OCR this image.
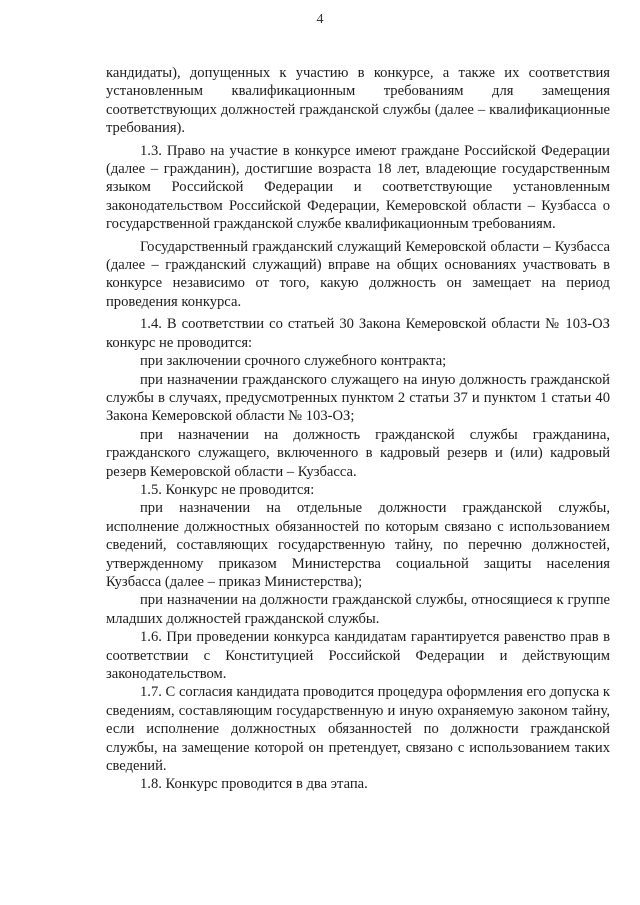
4

кандидаты), допущенных к участию в конкурсе, а также их соответствия установленным квалификационным требованиям для замещения соответствующих должностей гражданской службы (далее – квалификационные требования).

1.3. Право на участие в конкурсе имеют граждане Российской Федерации (далее – гражданин), достигшие возраста 18 лет, владеющие государственным языком Российской Федерации и соответствующие установленным законодательством Российской Федерации, Кемеровской области – Кузбасса о государственной гражданской службе квалификационным требованиям.

Государственный гражданский служащий Кемеровской области – Кузбасса (далее – гражданский служащий) вправе на общих основаниях участвовать в конкурсе независимо от того, какую должность он замещает на период проведения конкурса.

1.4. В соответствии со статьей 30 Закона Кемеровской области № 103-ОЗ конкурс не проводится:

при заключении срочного служебного контракта;

при назначении гражданского служащего на иную должность гражданской службы в случаях, предусмотренных пунктом 2 статьи 37 и пунктом 1 статьи 40 Закона Кемеровской области № 103-ОЗ;

при назначении на должность гражданской службы гражданина, гражданского служащего, включенного в кадровый резерв и (или) кадровый резерв Кемеровской области – Кузбасса.

1.5. Конкурс не проводится:

при назначении на отдельные должности гражданской службы, исполнение должностных обязанностей по которым связано с использованием сведений, составляющих государственную тайну, по перечню должностей, утвержденному приказом Министерства социальной защиты населения Кузбасса (далее – приказ Министерства);

при назначении на должности гражданской службы, относящиеся к группе младших должностей гражданской службы.

1.6. При проведении конкурса кандидатам гарантируется равенство прав в соответствии с Конституцией Российской Федерации и действующим законодательством.

1.7. С согласия кандидата проводится процедура оформления его допуска к сведениям, составляющим государственную и иную охраняемую законом тайну, если исполнение должностных обязанностей по должности гражданской службы, на замещение которой он претендует, связано с использованием таких сведений.

1.8. Конкурс проводится в два этапа.
